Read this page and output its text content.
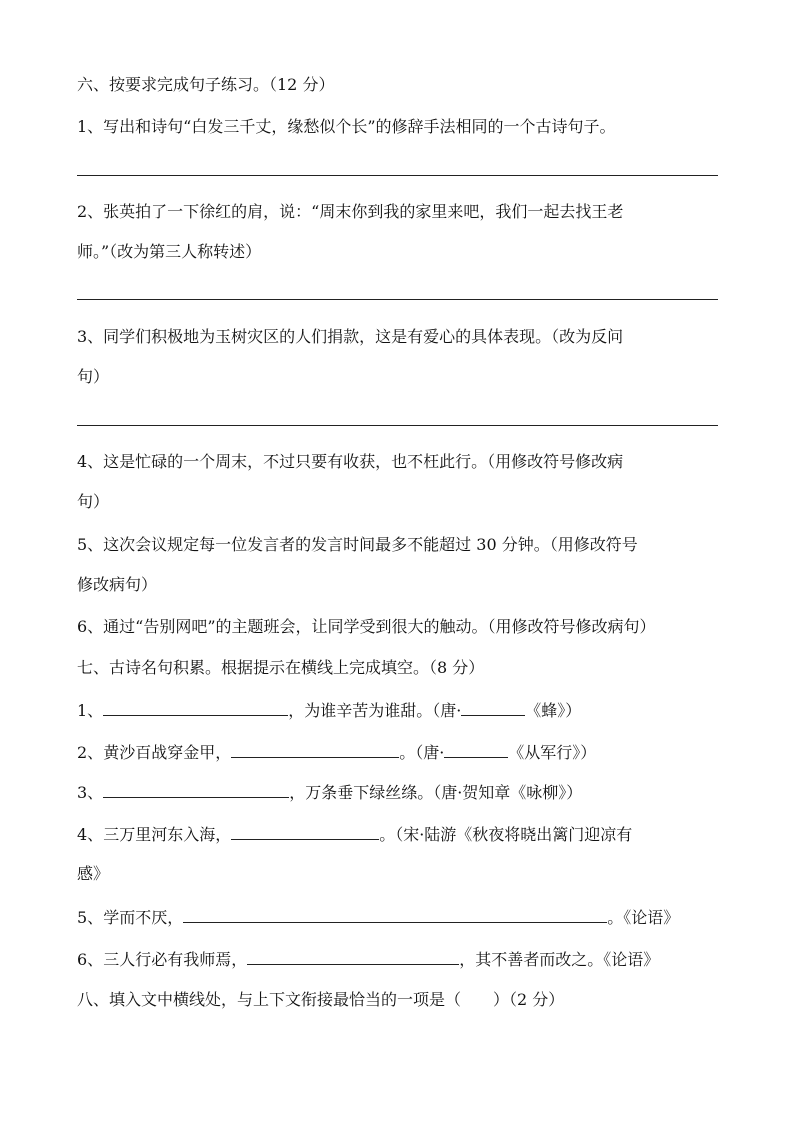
六、按要求完成句子练习。（12 分）
1、写出和诗句“白发三千丈，缘愁似个长”的修辞手法相同的一个古诗句子。
2、张英拍了一下徐红的肩，说：“周末你到我的家里来吧，我们一起去找王老
师。”（改为第三人称转述）
3、同学们积极地为玉树灾区的人们捐款，这是有爱心的具体表现。（改为反问
句）
4、这是忙碌的一个周末，不过只要有收获，也不枉此行。（用修改符号修改病
句）
5、这次会议规定每一位发言者的发言时间最多不能超过 30 分钟。（用修改符号
修改病句）
6、通过“告别网吧”的主题班会，让同学受到很大的触动。（用修改符号修改病句）
七、古诗名句积累。根据提示在横线上完成填空。（8 分）
1、	，为谁辛苦为谁甜。（唐·	《蜂》）
2、黄沙百战穿金甲，	。（唐·	《从军行》）
3、	，万条垂下绿丝绦。（唐·贺知章《咏柳》）
4、三万里河东入海，	。（宋·陆游《秋夜将晓出篱门迎凉有
感》
5、学而不厌，	。《论语》
6、三人行必有我师焉，	，其不善者而改之。《论语》
八、填入文中横线处，与上下文衔接最恰当的一项是（　　）（2 分）
